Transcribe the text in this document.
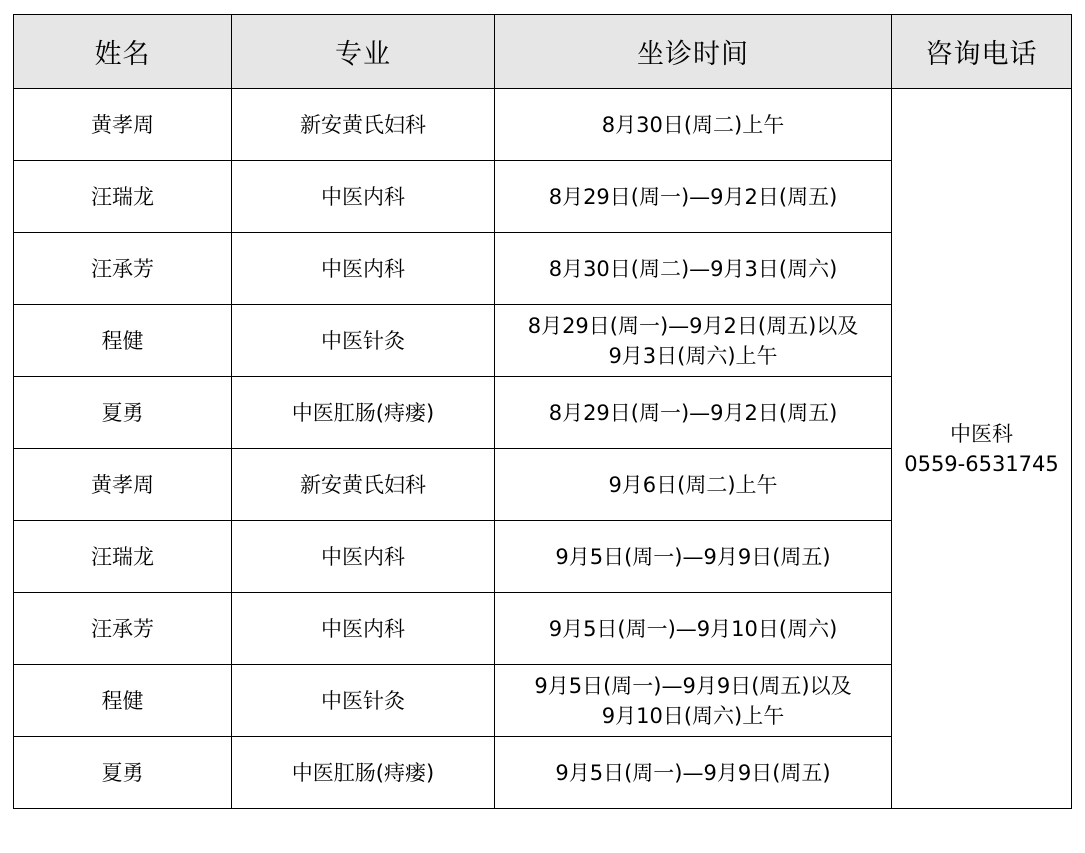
姓名	专业	坐诊时间	咨询电话
黄孝周	新安黄氏妇科	8月30日(周二)上午	中医科
0559-6531745

汪瑞龙	中医内科	8月29日(周一)—9月2日(周五)	

汪承芳	中医内科	8月30日(周二)—9月3日(周六)	

程健	中医针灸	8月29日(周一)—9月2日(周五)以及
9月3日(周六)上午	

夏勇	中医肛肠(痔瘘)	8月29日(周一)—9月2日(周五)	

黄孝周	新安黄氏妇科	9月6日(周二)上午	

汪瑞龙	中医内科	9月5日(周一)—9月9日(周五)	

汪承芳	中医内科	9月5日(周一)—9月10日(周六)	

程健	中医针灸	9月5日(周一)—9月9日(周五)以及
9月10日(周六)上午	

夏勇	中医肛肠(痔瘘)	9月5日(周一)—9月9日(周五)	
